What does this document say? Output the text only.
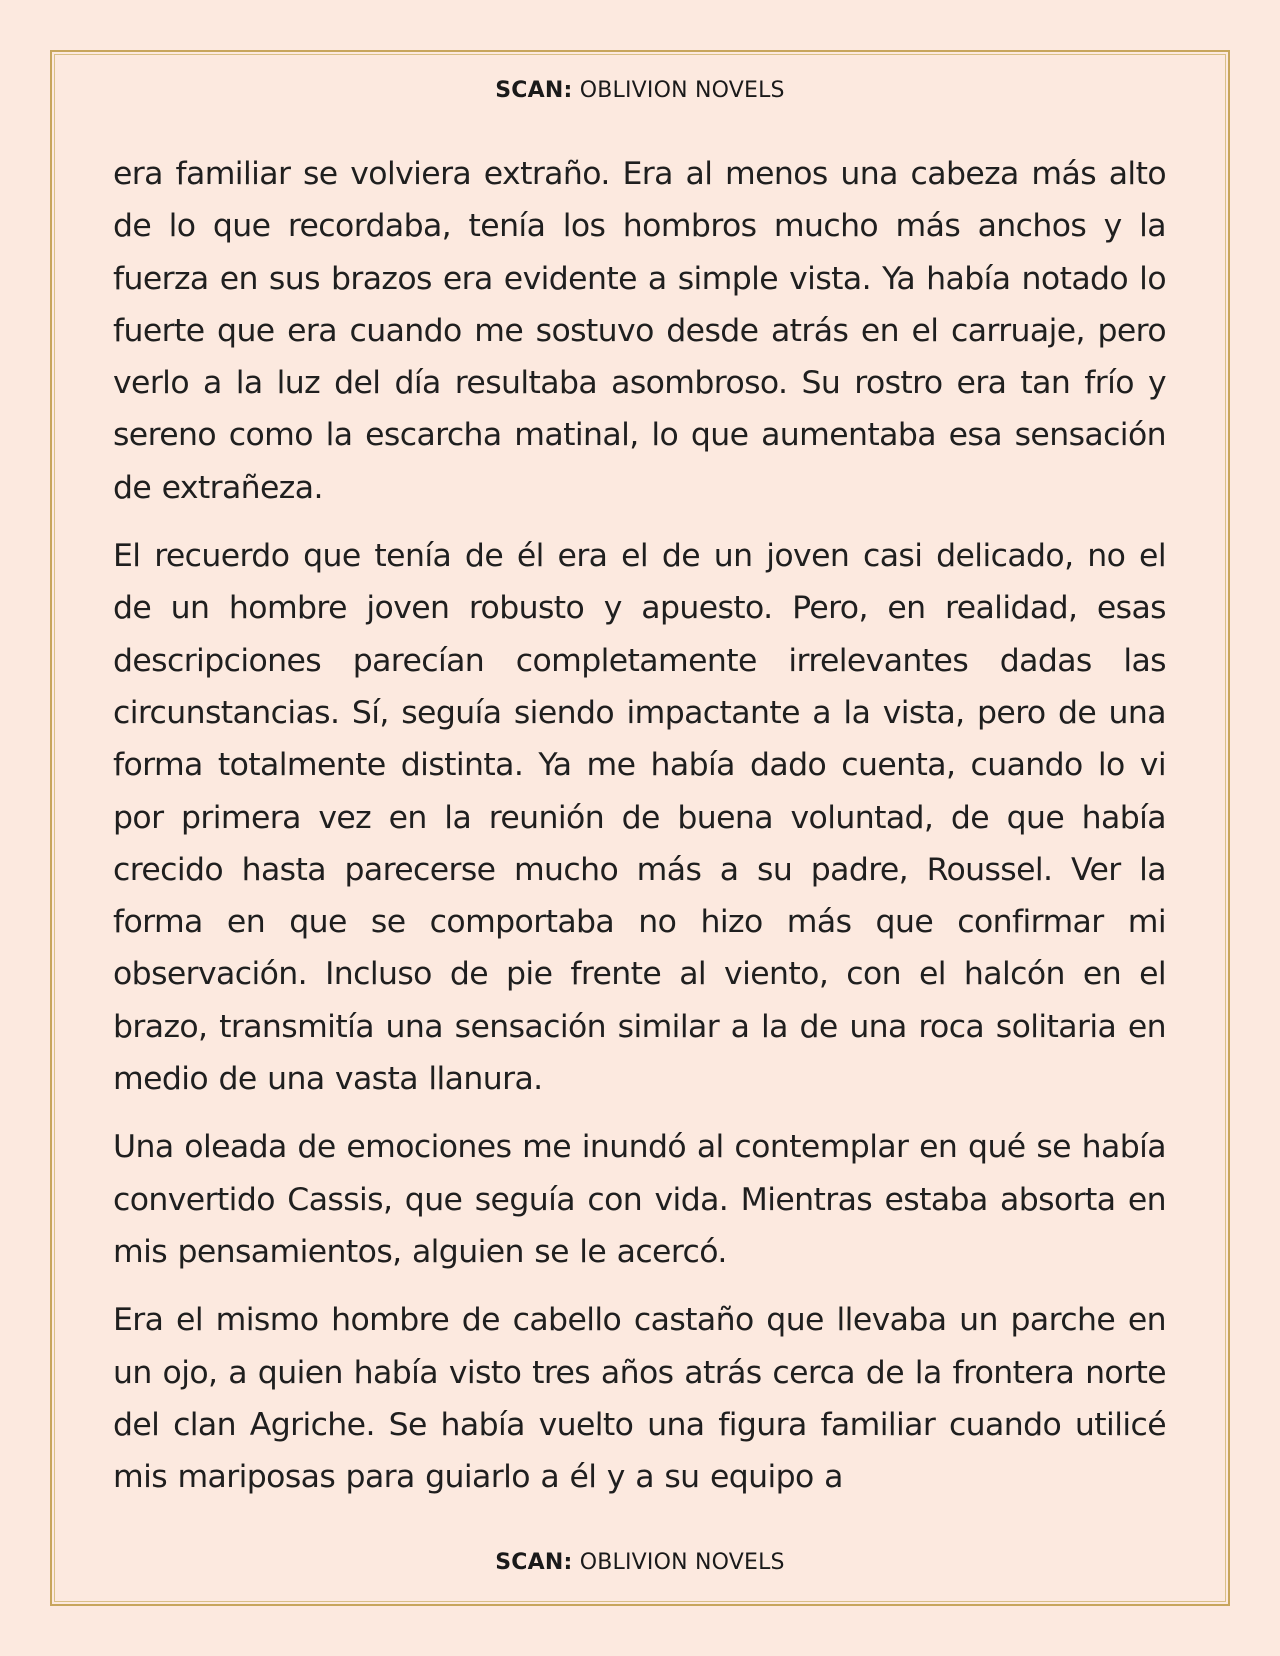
SCAN: OBLIVION NOVELS

era familiar se volviera extraño. Era al menos una cabeza más alto de lo que recordaba, tenía los hombros mucho más anchos y la fuerza en sus brazos era evidente a simple vista. Ya había notado lo fuerte que era cuando me sostuvo desde atrás en el carruaje, pero verlo a la luz del día resultaba asombroso. Su rostro era tan frío y sereno como la escarcha matinal, lo que aumentaba esa sensación de extrañeza.

El recuerdo que tenía de él era el de un joven casi delicado, no el de un hombre joven robusto y apuesto. Pero, en realidad, esas descripciones parecían completamente irrelevantes dadas las circunstancias. Sí, seguía siendo impactante a la vista, pero de una forma totalmente distinta. Ya me había dado cuenta, cuando lo vi por primera vez en la reunión de buena voluntad, de que había crecido hasta parecerse mucho más a su padre, Roussel. Ver la forma en que se comportaba no hizo más que confirmar mi observación. Incluso de pie frente al viento, con el halcón en el brazo, transmitía una sensación similar a la de una roca solitaria en medio de una vasta llanura.

Una oleada de emociones me inundó al contemplar en qué se había convertido Cassis, que seguía con vida. Mientras estaba absorta en mis pensamientos, alguien se le acercó.

Era el mismo hombre de cabello castaño que llevaba un parche en un ojo, a quien había visto tres años atrás cerca de la frontera norte del clan Agriche. Se había vuelto una figura familiar cuando utilicé mis mariposas para guiarlo a él y a su equipo a

SCAN: OBLIVION NOVELS
